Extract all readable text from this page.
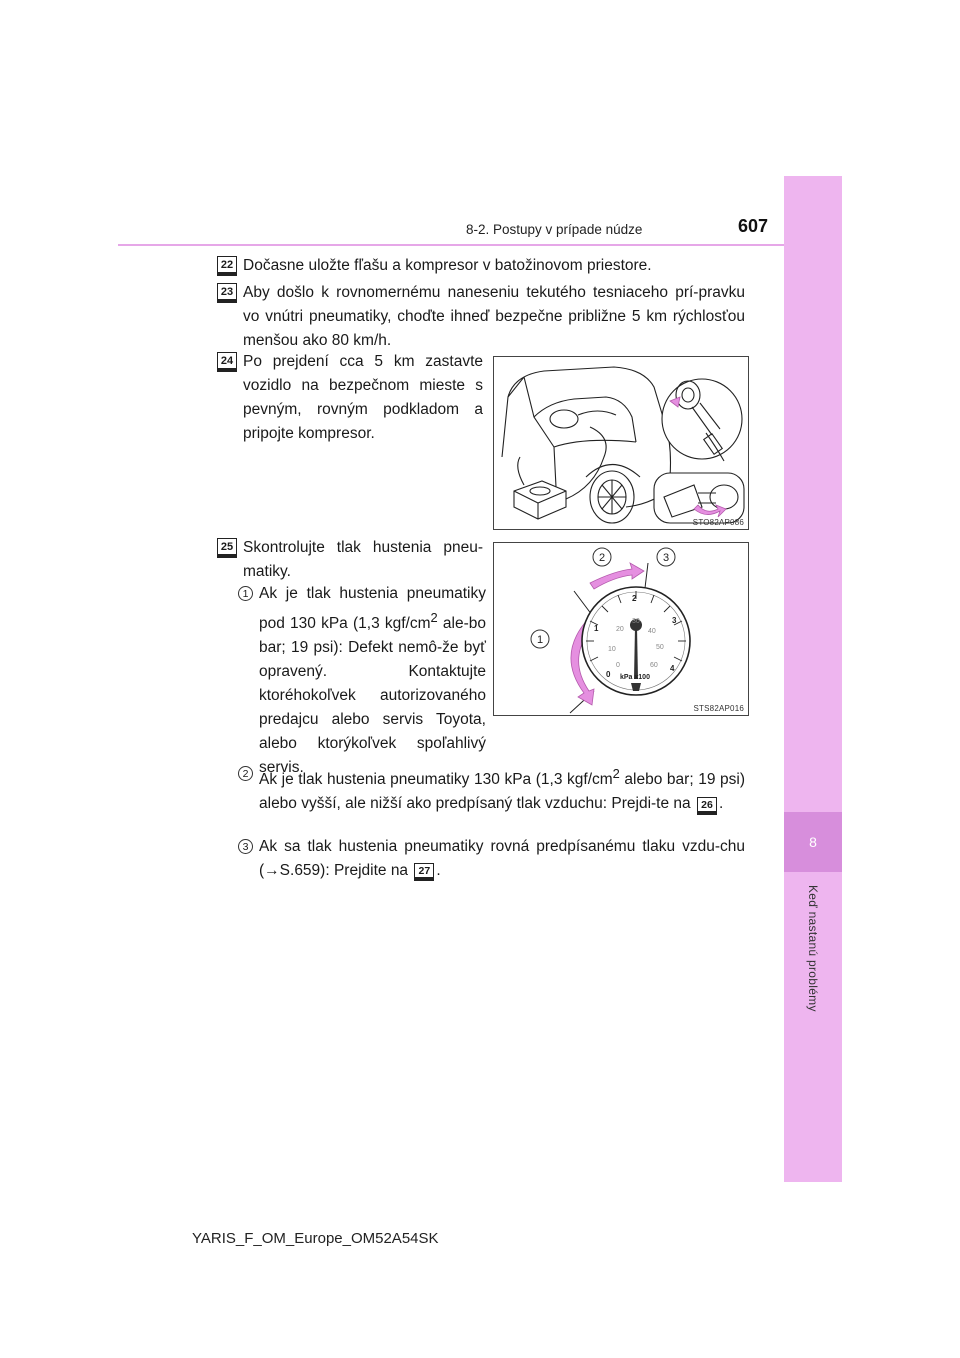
8
Keď nastanú problémy
8-2. Postupy v prípade núdze	607
22 Dočasne uložte fľašu a kompresor v batožinovom priestore.
23 Aby došlo k rovnomernému naneseniu tekutého tesniaceho prí-pravku vo vnútri pneumatiky, choďte ihneď bezpečne približne 5 km rýchlosťou menšou ako 80 km/h.
24 Po prejdení cca 5 km zastavte vozidlo na bezpečnom mieste s pevným, rovným podkladom a pripojte kompresor.
STO82AP086
25 Skontrolujte tlak hustenia pneu-matiky.
1 Ak je tlak hustenia pneumatiky pod 130 kPa (1,3 kgf/$cm^2$ ale-bo bar; 19 psi): Defekt nemô-že byť opravený. Kontaktujte ktoréhokoľvek autorizovaného predajcu alebo servis Toyota, alebo ktorýkoľvek spoľahlivý servis.
0
1
2
3
4
0
10
20
30
40
50
60
kPa x100
1
2	3
STS82AP016
2 Ak je tlak hustenia pneumatiky 130 kPa (1,3 kgf/$cm^2$ alebo bar; 19 psi) alebo vyšší, ale nižší ako predpísaný tlak vzduchu: Prejdi-te na 26 .
3 Ak sa tlak hustenia pneumatiky rovná predpísanému tlaku vzdu-chu (→S.659): Prejdite na 27 .
YARIS_F_OM_Europe_OM52A54SK
